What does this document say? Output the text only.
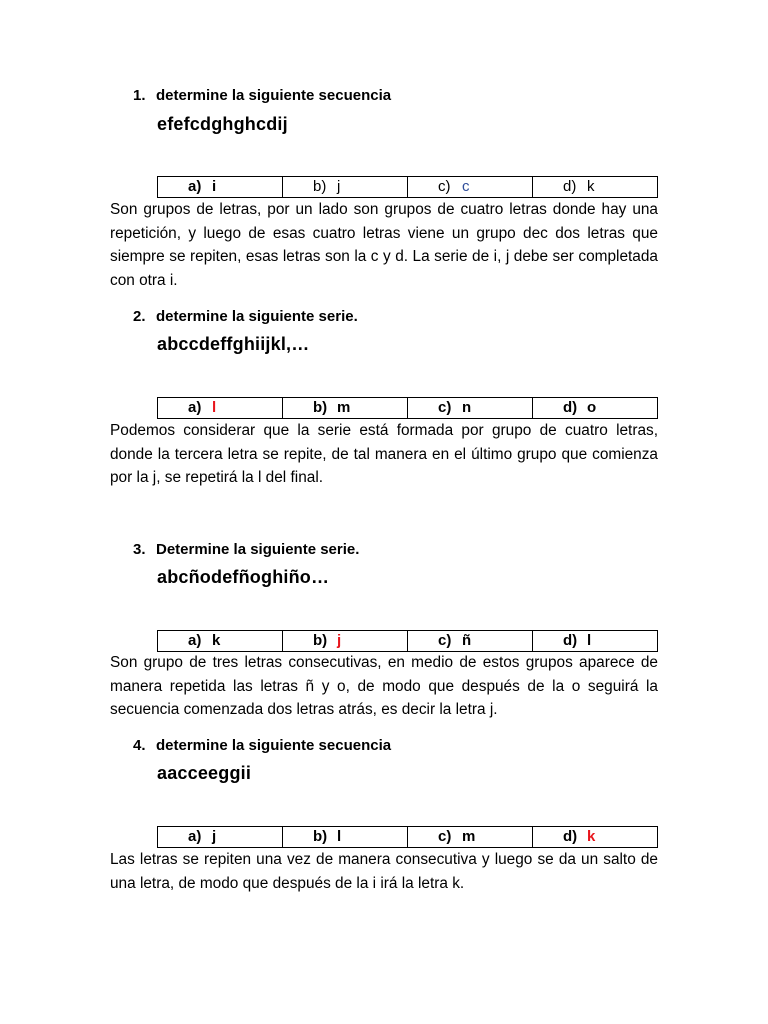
1. determine la siguiente secuencia
efefcdghghcdij
a) i	b) j	c) c	d) k
Son grupos de letras, por un lado son grupos de cuatro letras donde hay una repetición, y luego de esas cuatro letras viene un grupo dec dos letras que siempre se repiten, esas letras son la c y d. La serie de i, j debe ser completada con otra i.
2. determine la siguiente serie.
abccdeffghiijkl,…
a) l	b) m	c) n	d) o
Podemos considerar que la serie está formada por grupo de cuatro letras, donde la tercera letra se repite, de tal manera en el último grupo que comienza por la j, se repetirá la l del final.
3. Determine la siguiente serie.
abcñodefñoghiño…
a) k	b) j	c) ñ	d) l
Son grupo de tres letras consecutivas, en medio de estos grupos aparece de manera repetida las letras ñ y o, de modo que después de la o seguirá la secuencia comenzada dos letras atrás, es decir la letra j.
4. determine la siguiente secuencia
aacceeggii
a) j	b) l	c) m	d) k
Las letras se repiten una vez de manera consecutiva y luego se da un salto de una letra, de modo que después de la i irá la letra k.
